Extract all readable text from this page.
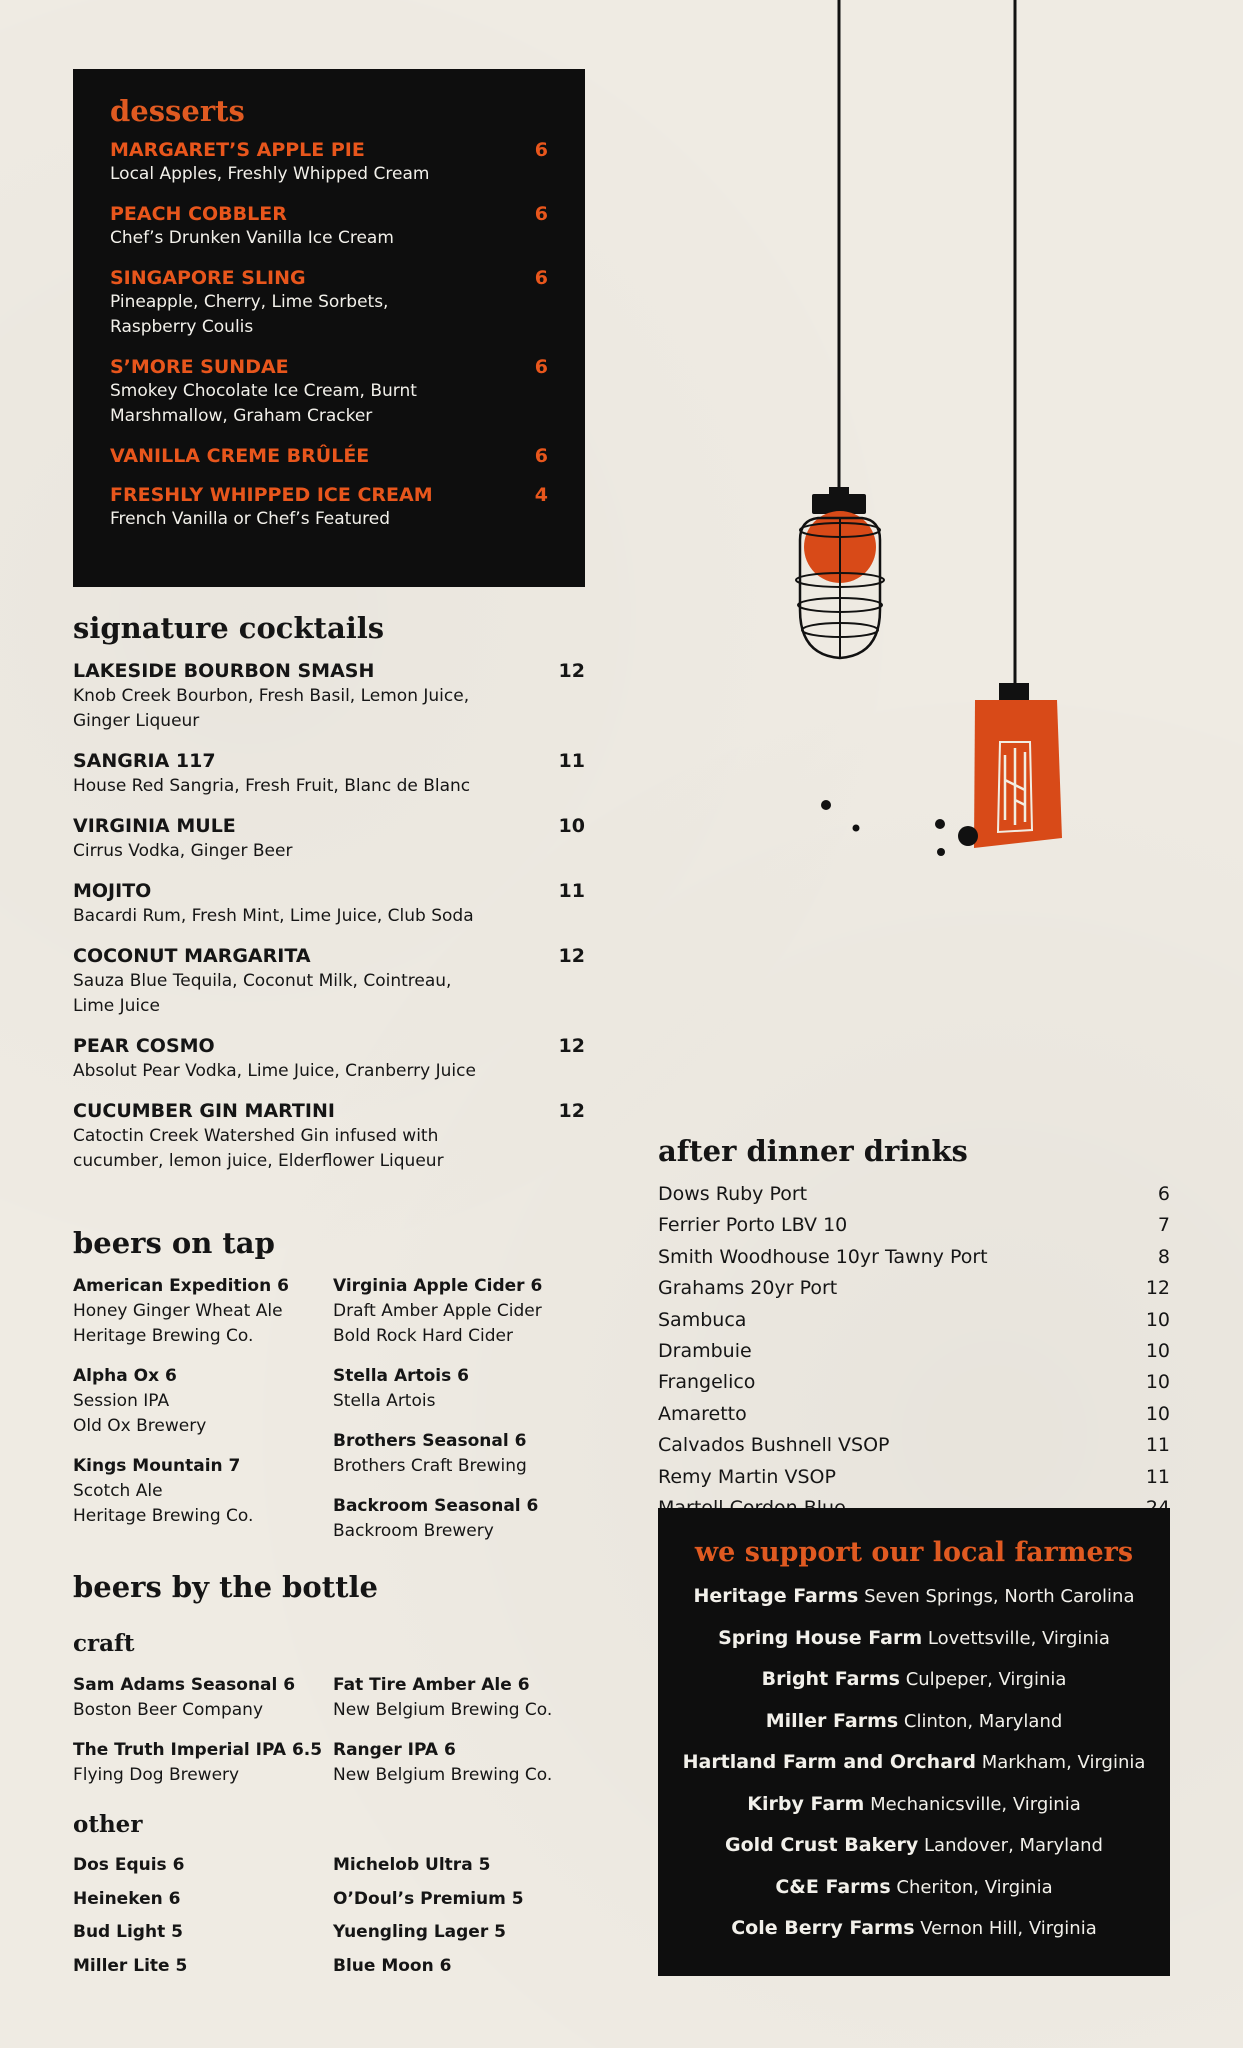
desserts
MARGARET’S APPLE PIE	6
Local Apples, Freshly Whipped Cream
PEACH COBBLER	6
Chef’s Drunken Vanilla Ice Cream
SINGAPORE SLING	6
Pineapple, Cherry, Lime Sorbets,
Raspberry Coulis
S’MORE SUNDAE	6
Smokey Chocolate Ice Cream, Burnt
Marshmallow, Graham Cracker
VANILLA CREME BRÛLÉE	6
FRESHLY WHIPPED ICE CREAM	4
French Vanilla or Chef’s Featured
signature cocktails
LAKESIDE BOURBON SMASH	12
Knob Creek Bourbon, Fresh Basil, Lemon Juice,
Ginger Liqueur
SANGRIA 117	11
House Red Sangria, Fresh Fruit, Blanc de Blanc
VIRGINIA MULE	10
Cirrus Vodka, Ginger Beer
MOJITO	11
Bacardi Rum, Fresh Mint, Lime Juice, Club Soda
COCONUT MARGARITA	12
Sauza Blue Tequila, Coconut Milk, Cointreau,
Lime Juice
PEAR COSMO	12
Absolut Pear Vodka, Lime Juice, Cranberry Juice
CUCUMBER GIN MARTINI	12
Catoctin Creek Watershed Gin infused with
cucumber, lemon juice, Elderflower Liqueur
beers on tap
American Expedition 6
Honey Ginger Wheat Ale
Heritage Brewing Co.
Alpha Ox 6
Session IPA
Old Ox Brewery
Kings Mountain 7
Scotch Ale
Heritage Brewing Co.
Virginia Apple Cider 6
Draft Amber Apple Cider
Bold Rock Hard Cider
Stella Artois 6
Stella Artois
Brothers Seasonal 6
Brothers Craft Brewing
Backroom Seasonal 6
Backroom Brewery
beers by the bottle
craft
Sam Adams Seasonal 6
Boston Beer Company
The Truth Imperial IPA 6.5
Flying Dog Brewery
Fat Tire Amber Ale 6
New Belgium Brewing Co.
Ranger IPA 6
New Belgium Brewing Co.
other
Dos Equis 6
Heineken 6
Bud Light 5
Miller Lite 5
Michelob Ultra 5
O’Doul’s Premium 5
Yuengling Lager 5
Blue Moon 6
after dinner drinks
Dows Ruby Port	6
Ferrier Porto LBV 10	7
Smith Woodhouse 10yr Tawny Port	8
Grahams 20yr Port	12
Sambuca	10
Drambuie	10
Frangelico	10
Amaretto	10
Calvados Bushnell VSOP	11
Remy Martin VSOP	11
we support our local farmers
Heritage Farms Seven Springs, North Carolina
Spring House Farm Lovettsville, Virginia
Bright Farms Culpeper, Virginia
Miller Farms Clinton, Maryland
Hartland Farm and Orchard Markham, Virginia
Kirby Farm Mechanicsville, Virginia
Gold Crust Bakery Landover, Maryland
C&E Farms Cheriton, Virginia
Cole Berry Farms Vernon Hill, Virginia
